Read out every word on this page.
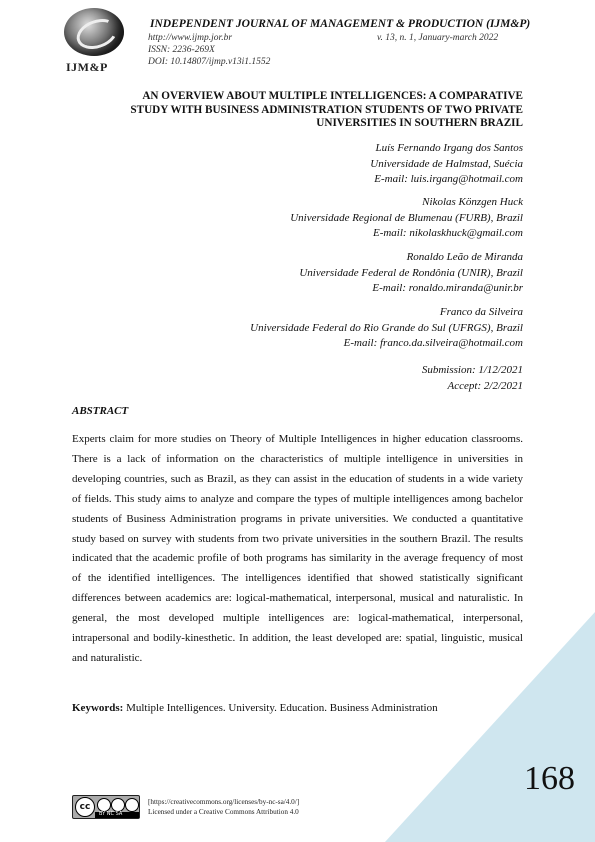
IJM&P
INDEPENDENT JOURNAL OF MANAGEMENT & PRODUCTION (IJM&P)
http://www.ijmp.jor.br	v. 13, n. 1, January-march 2022
ISSN: 2236-269X
DOI: 10.14807/ijmp.v13i1.1552
AN OVERVIEW ABOUT MULTIPLE INTELLIGENCES: A COMPARATIVE
STUDY WITH BUSINESS ADMINISTRATION STUDENTS OF TWO PRIVATE
UNIVERSITIES IN SOUTHERN BRAZIL
Luís Fernando Irgang dos Santos
Universidade de Halmstad, Suécia
E-mail: luis.irgang@hotmail.com
Nikolas Könzgen Huck
Universidade Regional de Blumenau (FURB), Brazil
E-mail: nikolaskhuck@gmail.com
Ronaldo Leão de Miranda
Universidade Federal de Rondônia (UNIR), Brazil
E-mail: ronaldo.miranda@unir.br
Franco da Silveira
Universidade Federal do Rio Grande do Sul (UFRGS), Brazil
E-mail: franco.da.silveira@hotmail.com
Submission: 1/12/2021
Accept: 2/2/2021
ABSTRACT
Experts claim for more studies on Theory of Multiple Intelligences in higher education classrooms. There is a lack of information on the characteristics of multiple intelligence in universities in developing countries, such as Brazil, as they can assist in the education of students in a wide variety of fields. This study aims to analyze and compare the types of multiple intelligences among bachelor students of Business Administration programs in private universities. We conducted a quantitative study based on survey with students from two private universities in the southern Brazil. The results indicated that the academic profile of both programs has similarity in the average frequency of most of the identified intelligences. The intelligences identified that showed statistically significant differences between academics are: logical-mathematical, interpersonal, musical and naturalistic. In general, the most developed multiple intelligences are: logical-mathematical, interpersonal, intrapersonal and bodily-kinesthetic. In addition, the least developed are: spatial, linguistic, musical and naturalistic.
Keywords: Multiple Intelligences. University. Education. Business Administration
168
cc
BY NC SA
[https://creativecommons.org/licenses/by-nc-sa/4.0/]
Licensed under a Creative Commons Attribution 4.0
